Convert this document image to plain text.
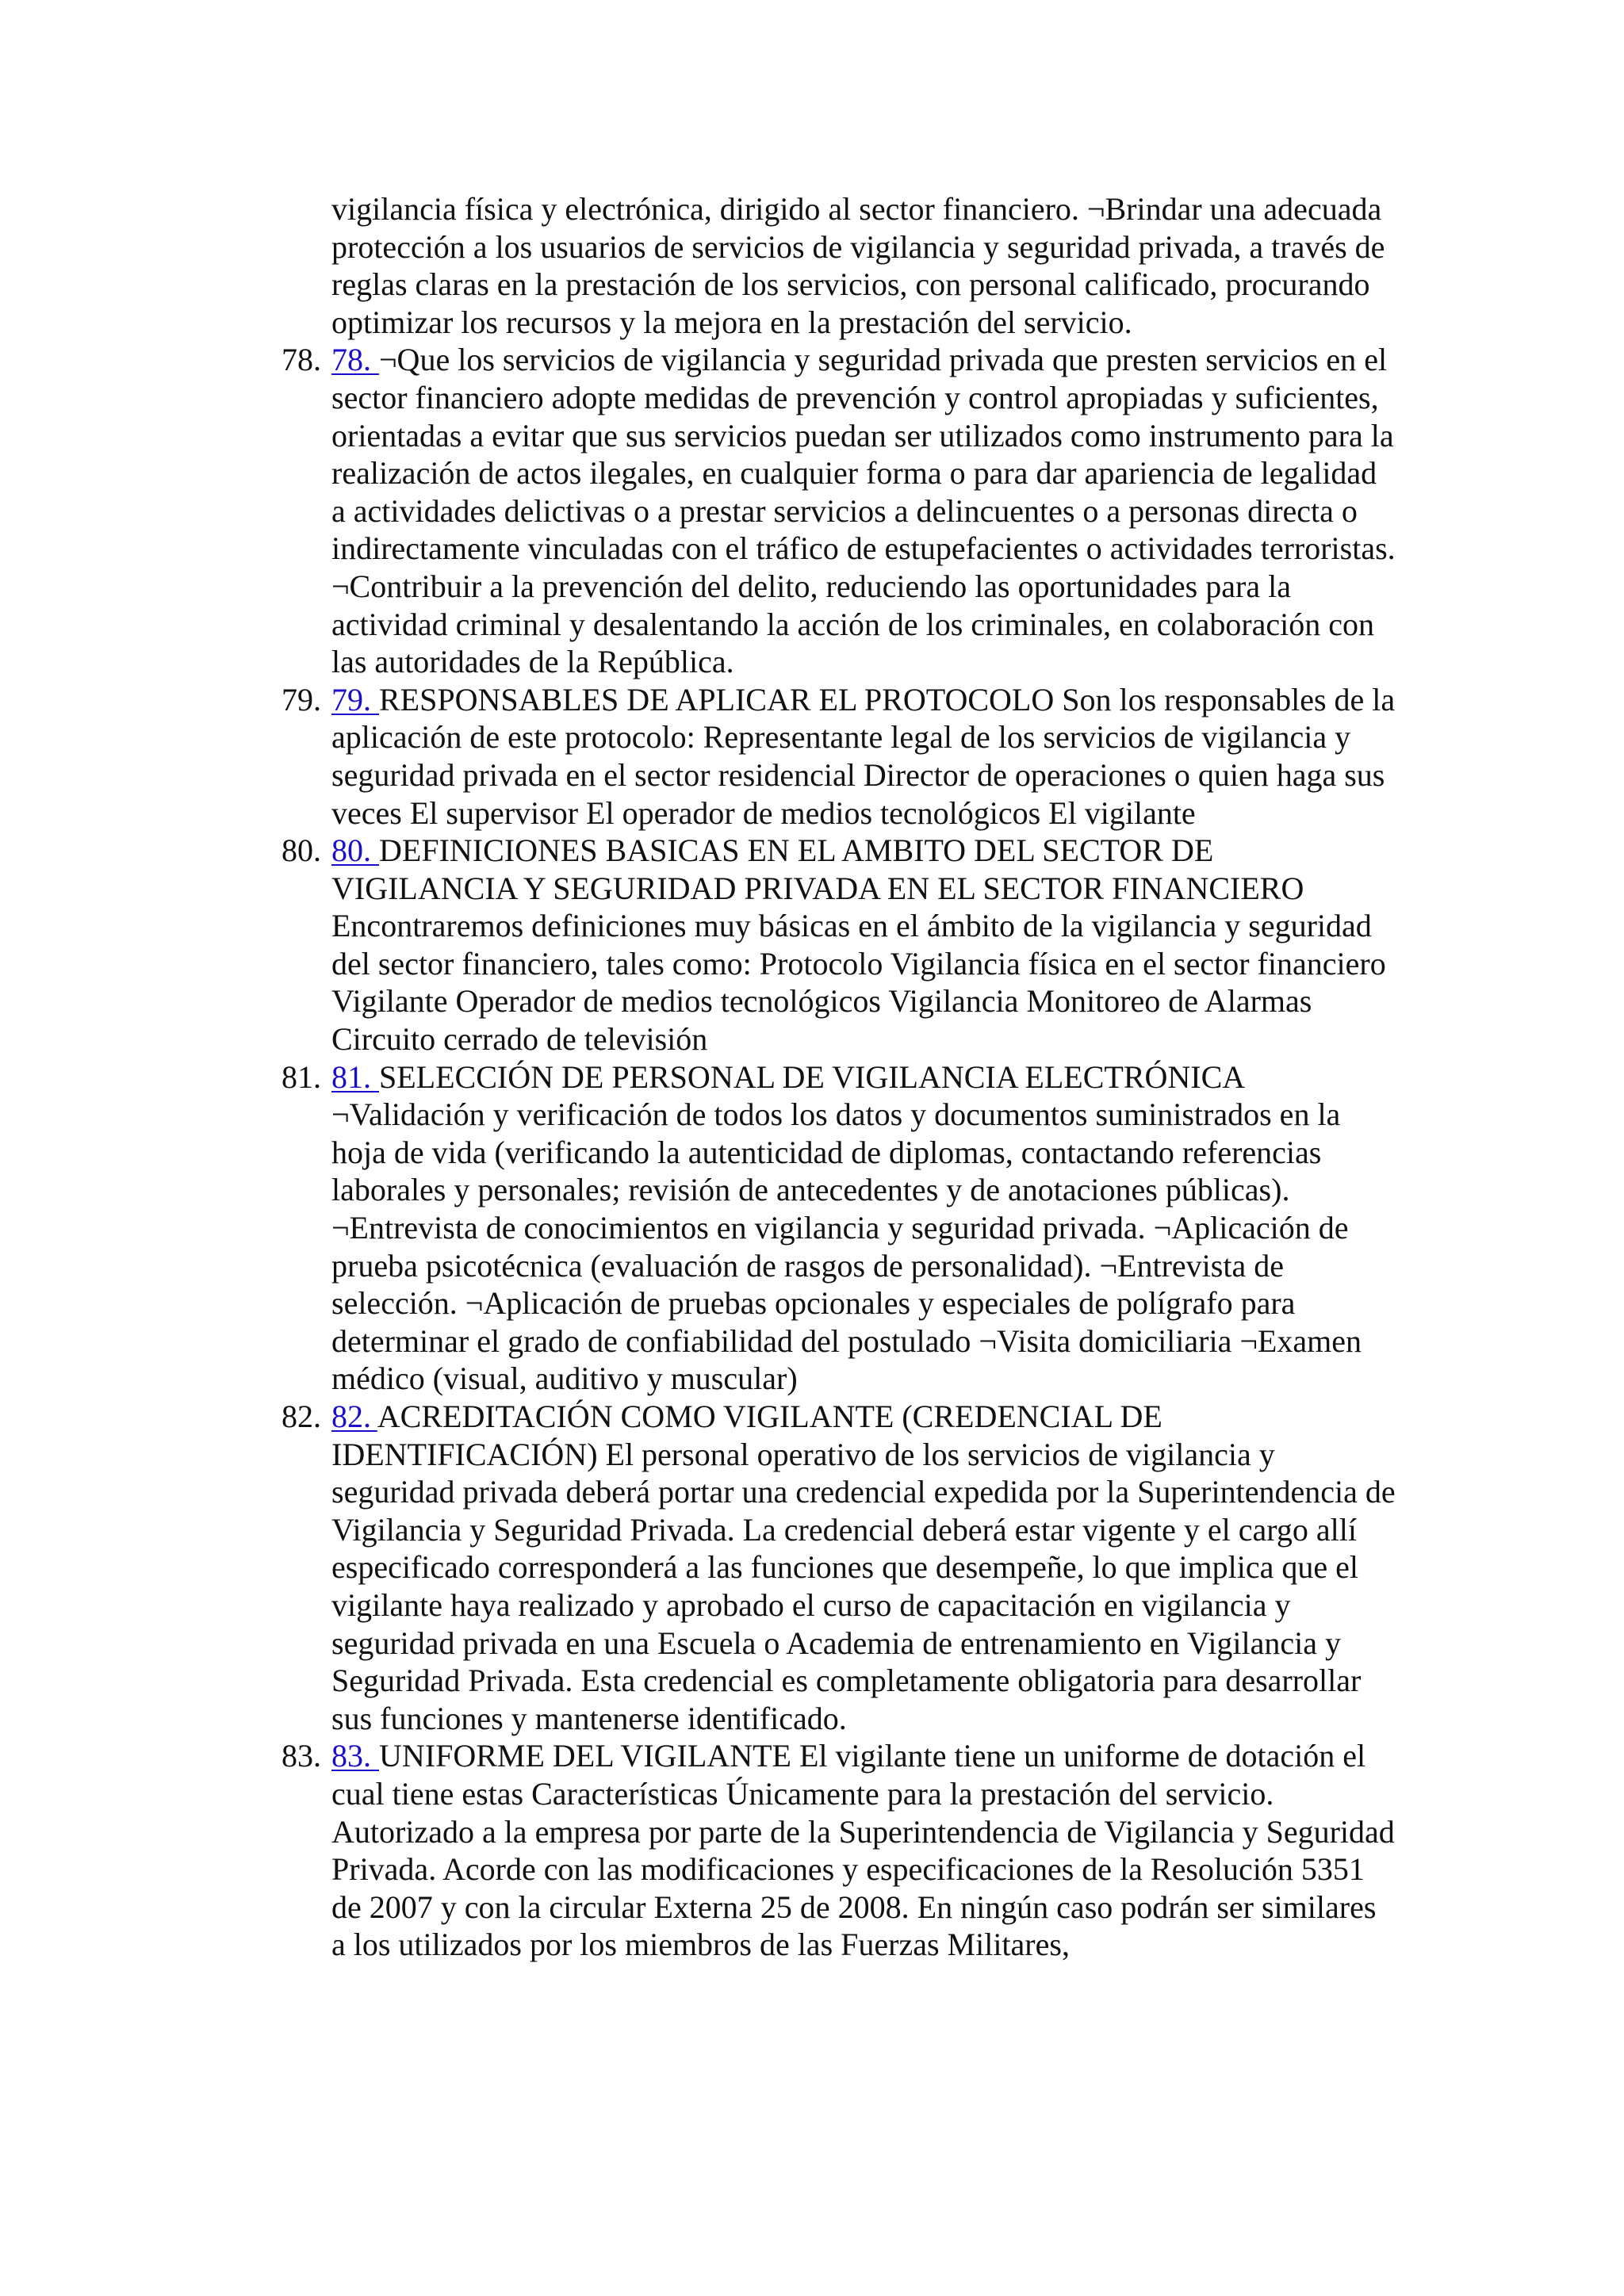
vigilancia física y electrónica, dirigido al sector financiero. ¬Brindar una adecuada protección a los usuarios de servicios de vigilancia y seguridad privada, a través de reglas claras en la prestación de los servicios, con personal calificado, procurando optimizar los recursos y la mejora en la prestación del servicio.

78. 78. ¬Que los servicios de vigilancia y seguridad privada que presten servicios en el sector financiero adopte medidas de prevención y control apropiadas y suficientes, orientadas a evitar que sus servicios puedan ser utilizados como instrumento para la realización de actos ilegales, en cualquier forma o para dar apariencia de legalidad a actividades delictivas o a prestar servicios a delincuentes o a personas directa o indirectamente vinculadas con el tráfico de estupefacientes o actividades terroristas. ¬Contribuir a la prevención del delito, reduciendo las oportunidades para la actividad criminal y desalentando la acción de los criminales, en colaboración con las autoridades de la República.
79. 79. RESPONSABLES DE APLICAR EL PROTOCOLO Son los responsables de la aplicación de este protocolo: Representante legal de los servicios de vigilancia y seguridad privada en el sector residencial Director de operaciones o quien haga sus veces El supervisor El operador de medios tecnológicos El vigilante
80. 80. DEFINICIONES BASICAS EN EL AMBITO DEL SECTOR DE VIGILANCIA Y SEGURIDAD PRIVADA EN EL SECTOR FINANCIERO Encontraremos definiciones muy básicas en el ámbito de la vigilancia y seguridad del sector financiero, tales como: Protocolo Vigilancia física en el sector financiero Vigilante Operador de medios tecnológicos Vigilancia Monitoreo de Alarmas Circuito cerrado de televisión
81. 81. SELECCIÓN DE PERSONAL DE VIGILANCIA ELECTRÓNICA ¬Validación y verificación de todos los datos y documentos suministrados en la hoja de vida (verificando la autenticidad de diplomas, contactando referencias laborales y personales; revisión de antecedentes y de anotaciones públicas). ¬Entrevista de conocimientos en vigilancia y seguridad privada. ¬Aplicación de prueba psicotécnica (evaluación de rasgos de personalidad). ¬Entrevista de selección. ¬Aplicación de pruebas opcionales y especiales de polígrafo para determinar el grado de confiabilidad del postulado ¬Visita domiciliaria ¬Examen médico (visual, auditivo y muscular)
82. 82. ACREDITACIÓN COMO VIGILANTE (CREDENCIAL DE IDENTIFICACIÓN) El personal operativo de los servicios de vigilancia y seguridad privada deberá portar una credencial expedida por la Superintendencia de Vigilancia y Seguridad Privada. La credencial deberá estar vigente y el cargo allí especificado corresponderá a las funciones que desempeñe, lo que implica que el vigilante haya realizado y aprobado el curso de capacitación en vigilancia y seguridad privada en una Escuela o Academia de entrenamiento en Vigilancia y Seguridad Privada. Esta credencial es completamente obligatoria para desarrollar sus funciones y mantenerse identificado.
83. 83. UNIFORME DEL VIGILANTE El vigilante tiene un uniforme de dotación el cual tiene estas Características Únicamente para la prestación del servicio. Autorizado a la empresa por parte de la Superintendencia de Vigilancia y Seguridad Privada. Acorde con las modificaciones y especificaciones de la Resolución 5351 de 2007 y con la circular Externa 25 de 2008. En ningún caso podrán ser similares a los utilizados por los miembros de las Fuerzas Militares,
